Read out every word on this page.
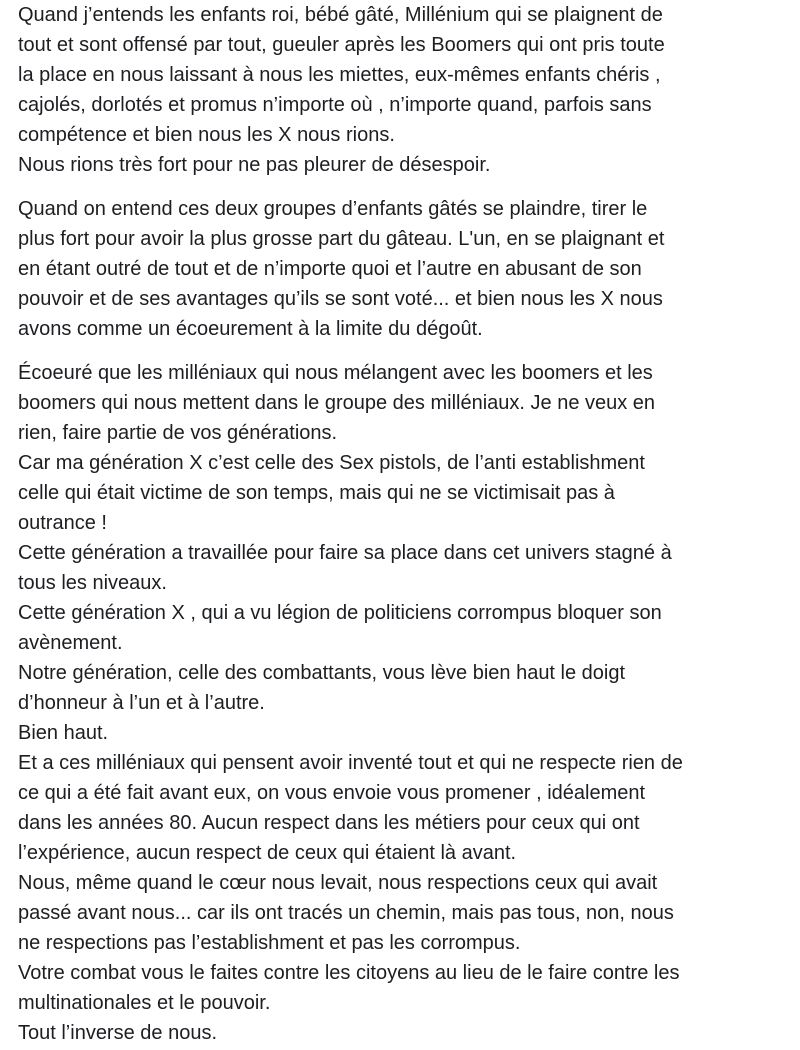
Quand j’entends les enfants roi, bébé gâté, Millénium qui se plaignent de
tout et sont offensé par tout, gueuler après les Boomers qui ont pris toute
la place en nous laissant à nous les miettes, eux-mêmes enfants chéris ,
cajolés, dorlotés et promus n’importe où , n’importe quand, parfois sans
compétence et bien nous les X nous rions.
Nous rions très fort pour ne pas pleurer de désespoir.
Quand on entend ces deux groupes d’enfants gâtés se plaindre, tirer le
plus fort pour avoir la plus grosse part du gâteau. L'un, en se plaignant et
en étant outré de tout et de n’importe quoi et l’autre en abusant de son
pouvoir et de ses avantages qu’ils se sont voté... et bien nous les X nous
avons comme un écoeurement à la limite du dégoût.
Écoeuré que les milléniaux qui nous mélangent avec les boomers et les
boomers qui nous mettent dans le groupe des milléniaux. Je ne veux en
rien, faire partie de vos générations.
Car ma génération X c’est celle des Sex pistols, de l’anti establishment
celle qui était victime de son temps, mais qui ne se victimisait pas à
outrance !
Cette génération a travaillée pour faire sa place dans cet univers stagné à
tous les niveaux.
Cette génération X , qui a vu légion de politiciens corrompus bloquer son
avènement.
Notre génération, celle des combattants, vous lève bien haut le doigt
d’honneur à l’un et à l’autre.
Bien haut.
Et a ces milléniaux qui pensent avoir inventé tout et qui ne respecte rien de
ce qui a été fait avant eux, on vous envoie vous promener , idéalement
dans les années 80. Aucun respect dans les métiers pour ceux qui ont
l’expérience, aucun respect de ceux qui étaient là avant.
Nous, même quand le cœur nous levait, nous respections ceux qui avait
passé avant nous... car ils ont tracés un chemin, mais pas tous, non, nous
ne respections pas l’establishment et pas les corrompus.
Votre combat vous le faites contre les citoyens au lieu de le faire contre les
multinationales et le pouvoir.
Tout l’inverse de nous.
